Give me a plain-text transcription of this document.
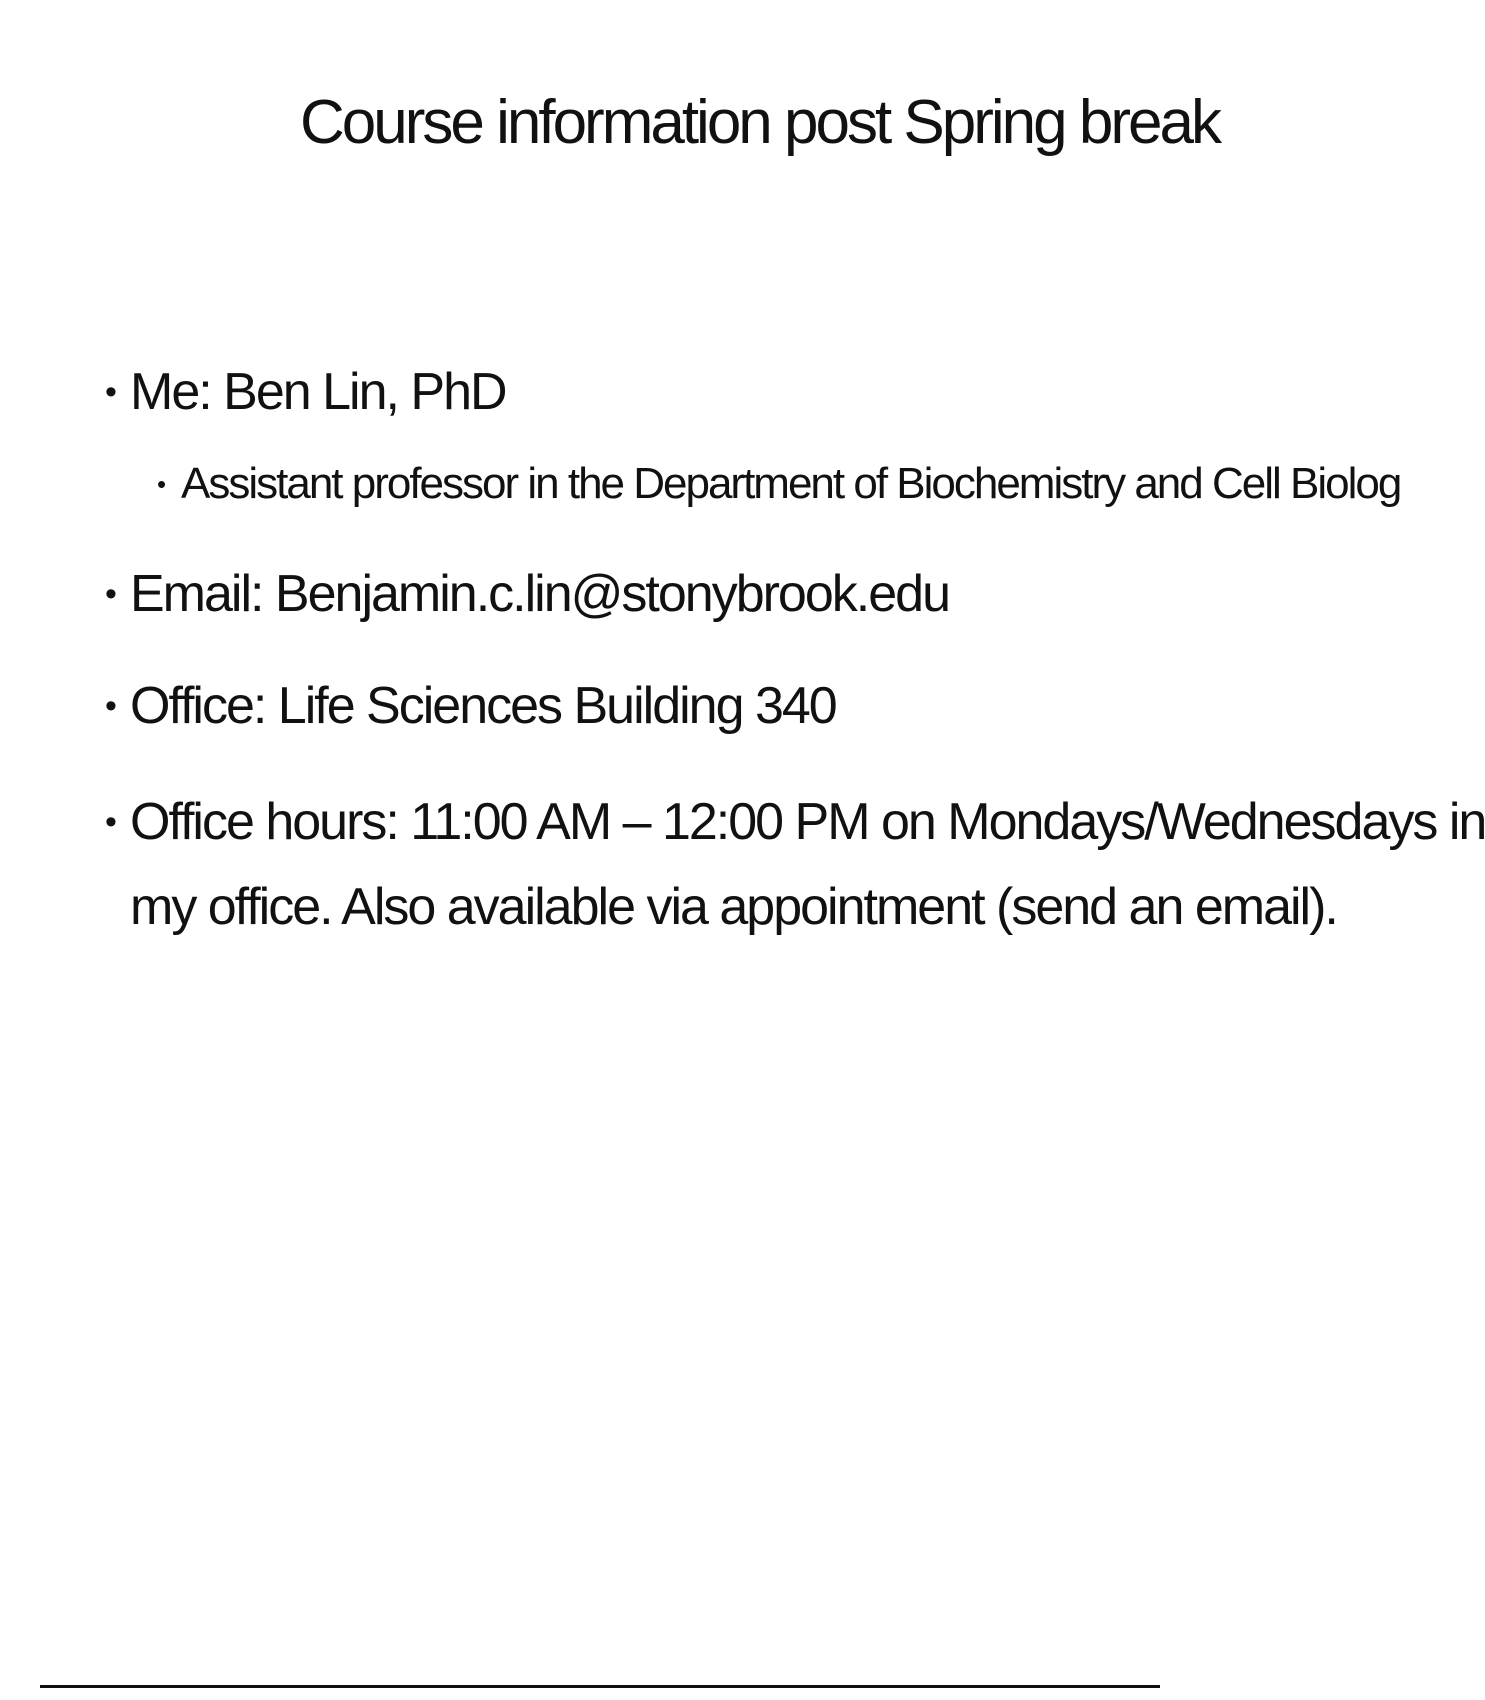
Course information post Spring break
• Me: Ben Lin, PhD
• Assistant professor in the Department of Biochemistry and Cell Biolog
• Email: Benjamin.c.lin@stonybrook.edu
• Office: Life Sciences Building 340
• Office hours: 11:00 AM – 12:00 PM on Mondays/Wednesdays in
my office. Also available via appointment (send an email).
